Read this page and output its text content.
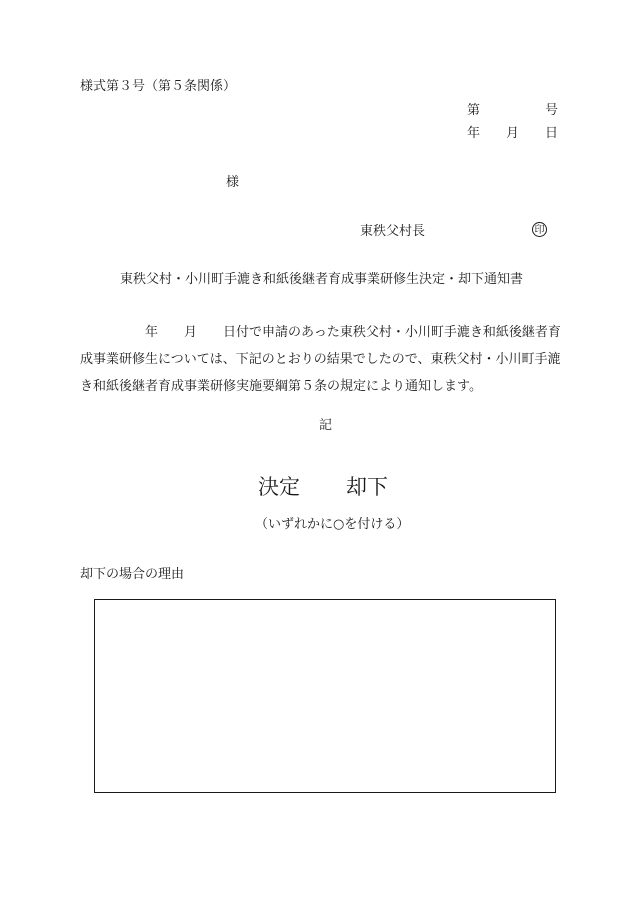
様式第３号（第５条関係）
第	号
年 月 日
様
東秩父村長	印
東秩父村・小川町手漉き和紙後継者育成事業研修生決定・却下通知書
　　　　　年　　月　　日付で申請のあった東秩父村・小川町手漉き和紙後継者育
成事業研修生については、下記のとおりの結果でしたので、東秩父村・小川町手漉
き和紙後継者育成事業研修実施要綱第５条の規定により通知します。
記
決定 却下
（いずれかに○を付ける）
却下の場合の理由
